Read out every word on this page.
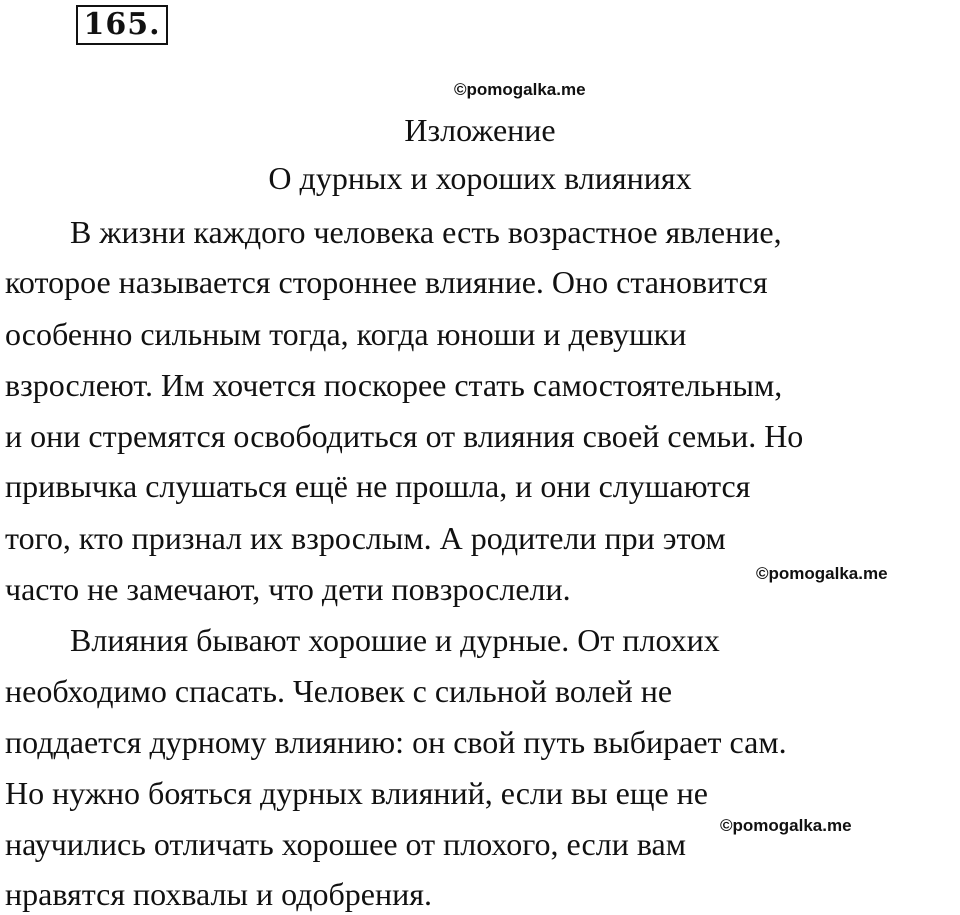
165.
©pomogalka.me
Изложение
О дурных и хороших влияниях
В жизни каждого человека есть возрастное явление,
которое называется стороннее влияние. Оно становится
особенно сильным тогда, когда юноши и девушки
взрослеют. Им хочется поскорее стать самостоятельным,
и они стремятся освободиться от влияния своей семьи. Но
привычка слушаться ещё не прошла, и они слушаются
того, кто признал их взрослым. А родители при этом
часто не замечают, что дети повзрослели.	©pomogalka.me
Влияния бывают хорошие и дурные. От плохих
необходимо спасать. Человек с сильной волей не
поддается дурному влиянию: он свой путь выбирает сам.
Но нужно бояться дурных влияний, если вы еще не
научились отличать хорошее от плохого, если вам
нравятся похвалы и одобрения.
©pomogalka.me
